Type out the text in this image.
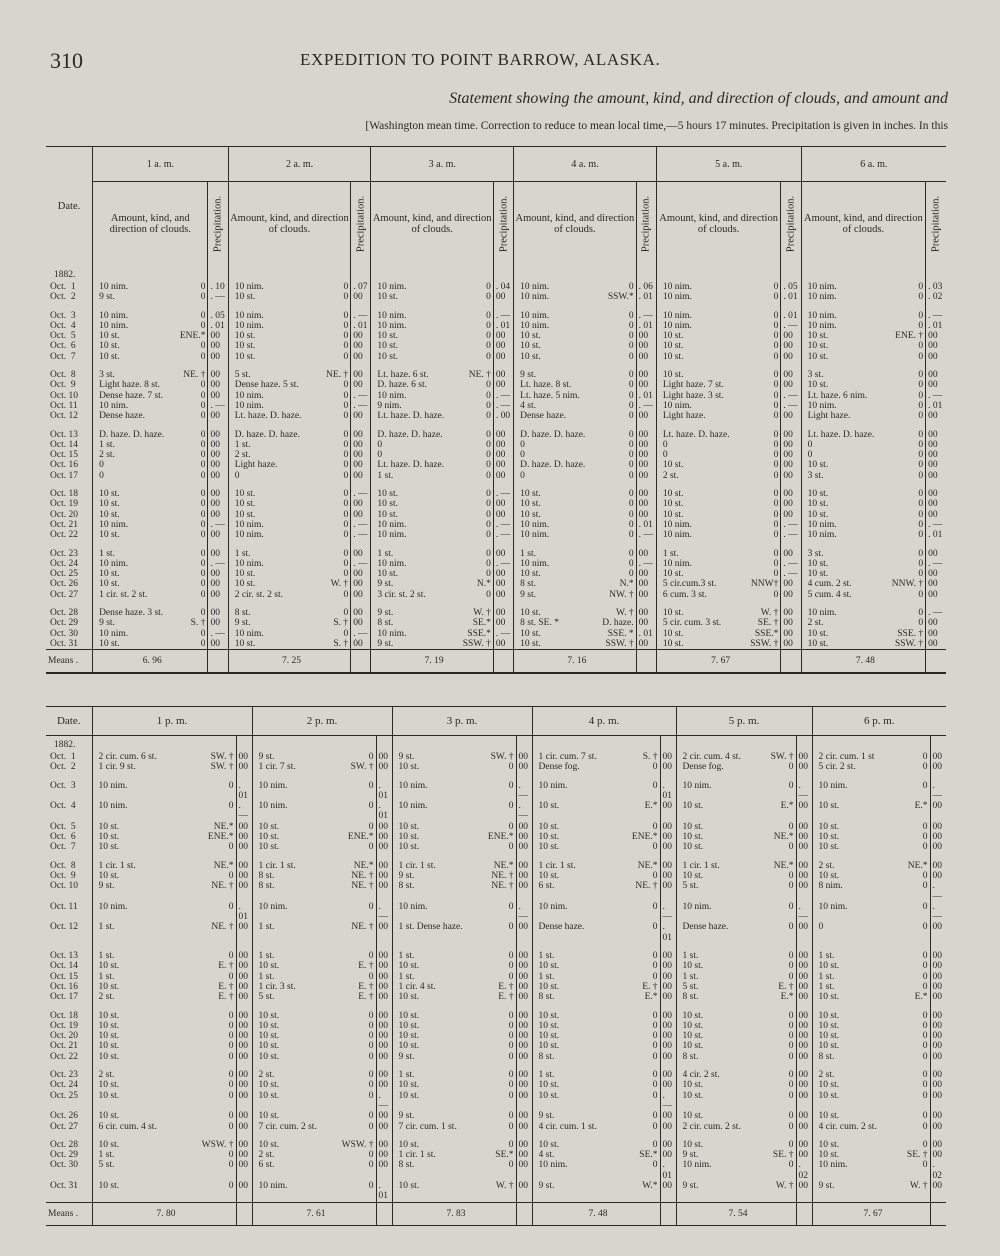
310	EXPEDITION TO POINT BARROW, ALASKA.
Statement showing the amount, kind, and direction of clouds, and amount and
[Washington mean time. Correction to reduce to mean local time,—5 hours 17 minutes. Precipitation is given in inches. In this
Date.	1 a. m.		2 a. m.		3 a. m.		4 a. m.		5 a. m.		6 a. m.	
	Amount, kind, and direction of clouds.	Precipitation.	Amount, kind, and direction of clouds.	Precipitation.	Amount, kind, and direction of clouds.	Precipitation.	Amount, kind, and direction of clouds.	Precipitation.	Amount, kind, and direction of clouds.	Precipitation.	Amount, kind, and direction of clouds.	Precipitation.

1882.												
Oct.  1	10 nim. 0	. 10	10 nim. 0	. 07	10 nim. 0	. 04	10 nim. 0	. 06	10 nim. 0	. 05	10 nim. 0	. 03
Oct.  2	9 st. 0	. —	10 st. 0	00	10 st. 0	00	10 nim. SSW.*	. 01	10 nim. 0	. 01	10 nim. 0	. 02

Oct.  3	10 nim. 0	. 05	10 nim. 0	. —	10 nim. 0	. —	10 nim. 0	. —	10 nim. 0	. 01	10 nim. 0	. —
Oct.  4	10 nim. 0	. 01	10 nim. 0	. 01	10 nim. 0	. 01	10 nim. 0	. 01	10 nim. 0	. —	10 nim. 0	. 01
Oct.  5	10 st. ENE.*	00	10 st. 0	00	10 st. 0	00	10 st. 0	00	10 st. 0	00	10 st. ENE. †	00
Oct.  6	10 st. 0	00	10 st. 0	00	10 st. 0	00	10 st. 0	00	10 st. 0	00	10 st. 0	00
Oct.  7	10 st. 0	00	10 st. 0	00	10 st. 0	00	10 st. 0	00	10 st. 0	00	10 st. 0	00

Oct.  8	3 st. NE. †	00	5 st. NE. †	00	Lt. haze. 6 st. NE. †	00	9 st. 0	00	10 st. 0	00	3 st. 0	00
Oct.  9	Light haze. 8 st. 0	00	Dense haze. 5 st. 0	00	D. haze. 6 st. 0	00	Lt. haze. 8 st. 0	00	Light haze. 7 st. 0	00	10 st. 0	00
Oct. 10	Dense haze. 7 st. 0	00	10 nim. 0	. —	10 nim. 0	. —	Lt. haze. 5 nim. 0	. 01	Light haze. 3 st. 0	. —	Lt. haze. 6 nim. 0	. —
Oct. 11	10 nim. 0	. —	10 nim. 0	. —	9 nim. 0	. —	4 st. 0	. —	10 nim. 0	. —	10 nim. 0	. 01
Oct. 12	Dense haze. 0	00	Lt. haze. D. haze. 0	00	Lt. haze. D. haze. 0	. 00	Dense haze. 0	00	Light haze. 0	00	Light haze. 0	00

Oct. 13	D. haze. D. haze. 0	00	D. haze. D. haze. 0	00	D. haze. D. haze. 0	00	D. haze. D. haze. 0	00	Lt. haze. D. haze. 0	00	Lt. haze. D. haze. 0	00
Oct. 14	1 st. 0	00	1 st. 0	00	0 0	00	0 0	00	0 0	00	0 0	00
Oct. 15	2 st. 0	00	2 st. 0	00	0 0	00	0 0	00	0 0	00	0 0	00
Oct. 16	0 0	00	Light haze. 0	00	Lt. haze. D. haze. 0	00	D. haze. D. haze. 0	00	10 st. 0	00	10 st. 0	00
Oct. 17	0 0	00	0 0	00	1 st. 0	00	0 0	00	2 st. 0	00	3 st. 0	00

Oct. 18	10 st. 0	00	10 st. 0	. —	10 st. 0	. —	10 st. 0	00	10 st. 0	00	10 st. 0	00
Oct. 19	10 st. 0	00	10 st. 0	00	10 st. 0	00	10 st. 0	00	10 st. 0	00	10 st. 0	00
Oct. 20	10 st. 0	00	10 st. 0	00	10 st. 0	00	10 st. 0	00	10 st. 0	00	10 st. 0	00
Oct. 21	10 nim. 0	. —	10 nim. 0	. —	10 nim. 0	. —	10 nim. 0	. 01	10 nim. 0	. —	10 nim. 0	. —
Oct. 22	10 st. 0	00	10 nim. 0	. —	10 nim. 0	. —	10 nim. 0	. —	10 nim. 0	. —	10 nim. 0	. 01

Oct. 23	1 st. 0	00	1 st. 0	00	1 st. 0	00	1 st. 0	00	1 st. 0	00	3 st. 0	00
Oct. 24	10 nim. 0	. —	10 nim. 0	. —	10 nim. 0	. —	10 nim. 0	. —	10 nim. 0	. —	10 st. 0	. —
Oct. 25	10 st. 0	00	10 st. 0	00	10 st. 0	00	10 st. 0	00	10 st. 0	. —	10 st. 0	00
Oct. 26	10 st. 0	00	10 st. W. †	00	9 st. N.*	00	8 st. N.*	00	5 cir.cum.3 st. NNW†	00	4 cum. 2 st. NNW. †	00
Oct. 27	1 cir. st. 2 st. 0	00	2 cir. st. 2 st. 0	00	3 cir. st. 2 st. 0	00	9 st. NW. †	00	6 cum. 3 st. 0	00	5 cum. 4 st. 0	00

Oct. 28	Dense haze. 3 st. 0	00	8 st. 0	00	9 st. W. †	00	10 st. W. †	00	10 st. W. †	00	10 nim. 0	. —
Oct. 29	9 st. S. †	00	9 st. S. †	00	8 st. SE.*	00	8 st. SE. * D. haze.	00	5 cir. cum. 3 st. SE. †	00	2 st. 0	00
Oct. 30	10 nim. 0	. —	10 nim. 0	. —	10 nim. SSE.*	. —	10 st. SSE. *	. 01	10 st. SSE.*	00	10 st. SSE. †	00
Oct. 31	10 st. 0	00	10 st. S. †	00	9 st. SSW. †	00	10 st. SSW. †	00	10 st. SSW. †	00	10 st. SSW. †	00
Means .	6. 96		7. 25		7. 19		7. 16		7. 67		7. 48	
Date.	1 p. m.		2 p. m.		3 p. m.		4 p. m.		5 p. m.		6 p. m.	
1882.												
Oct.  1	2 cir. cum. 6 st. SW. †	00	9 st. 0	00	9 st. SW. †	00	1 cir. cum. 7 st. S. †	00	2 cir. cum. 4 st. SW. †	00	2 cir. cum. 1 st 0	00
Oct.  2	1 cir. 9 st. SW. †	00	1 cir. 7 st. SW. †	00	10 st. 0	00	Dense fog. 0	00	Dense fog. 0	00	5 cir. 2 st. 0	00

Oct.  3	10 nim. 0	. 01	10 nim. 0	. 01	10 nim. 0	. —	10 nim. 0	. 01	10 nim. 0	. —	10 nim. 0	. —
Oct.  4	10 nim. 0	. —	10 nim. 0	. 01	10 nim. 0	. —	10 st. E.*	00	10 st. E.*	00	10 st. E.*	00
Oct.  5	10 st. NE.*	00	10 st. 0	00	10 st. 0	00	10 st. 0	00	10 st. 0	00	10 st. 0	00
Oct.  6	10 st. ENE.*	00	10 st. ENE.*	00	10 st. ENE.*	00	10 st. ENE.*	00	10 st. NE.*	00	10 st. 0	00
Oct.  7	10 st. 0	00	10 st. 0	00	10 st. 0	00	10 st. 0	00	10 st. 0	00	10 st. 0	00

Oct.  8	1 cir. 1 st. NE.*	00	1 cir. 1 st. NE.*	00	1 cir. 1 st. NE.*	00	1 cir. 1 st. NE.*	00	1 cir. 1 st. NE.*	00	2 st. NE.*	00
Oct.  9	10 st. 0	00	8 st. NE. †	00	9 st. NE. †	00	10 st. 0	00	10 st. 0	00	10 st. 0	00
Oct. 10	9 st. NE. †	00	8 st. NE. †	00	8 st. NE. †	00	6 st. NE. †	00	5 st. 0	00	8 nim. 0	. —
Oct. 11	10 nim. 0	. 01	10 nim. 0	. —	10 nim. 0	. —	10 nim. 0	. —	10 nim. 0	. —	10 nim. 0	. —
Oct. 12	1 st. NE. †	00	1 st. NE. †	00	1 st. Dense haze. 0	00	Dense haze. 0	. 01	Dense haze. 0	00	0 0	00

Oct. 13	1 st. 0	00	1 st. 0	00	1 st. 0	00	1 st. 0	00	1 st. 0	00	1 st. 0	00
Oct. 14	10 st. E. †	00	10 st. E. †	00	10 st. 0	00	10 st. 0	00	10 st. 0	00	10 st. 0	00
Oct. 15	1 st. 0	00	1 st. 0	00	1 st. 0	00	1 st. 0	00	1 st. 0	00	1 st. 0	00
Oct. 16	10 st. E. †	00	1 cir. 3 st. E. †	00	1 cir. 4 st. E. †	00	10 st. E. †	00	5 st. E. †	00	1 st. 0	00
Oct. 17	2 st. E. †	00	5 st. E. †	00	10 st. E. †	00	8 st. E.*	00	8 st. E.*	00	10 st. E.*	00

Oct. 18	10 st. 0	00	10 st. 0	00	10 st. 0	00	10 st. 0	00	10 st. 0	00	10 st. 0	00
Oct. 19	10 st. 0	00	10 st. 0	00	10 st. 0	00	10 st. 0	00	10 st. 0	00	10 st. 0	00
Oct. 20	10 st. 0	00	10 st. 0	00	10 st. 0	00	10 st. 0	00	10 st. 0	00	10 st. 0	00
Oct. 21	10 st. 0	00	10 st. 0	00	10 st. 0	00	10 st. 0	00	10 st. 0	00	10 st. 0	00
Oct. 22	10 st. 0	00	10 st. 0	00	9 st. 0	00	8 st. 0	00	8 st. 0	00	8 st. 0	00

Oct. 23	2 st. 0	00	2 st. 0	00	1 st. 0	00	1 st. 0	00	4 cir. 2 st. 0	00	2 st. 0	00
Oct. 24	10 st. 0	00	10 st. 0	00	10 st. 0	00	10 st. 0	00	10 st. 0	00	10 st. 0	00
Oct. 25	10 st. 0	00	10 st. 0	. —	10 st. 0	00	10 st. 0	. —	10 st. 0	00	10 st. 0	00
Oct. 26	10 st. 0	00	10 st. 0	00	9 st. 0	00	9 st. 0	00	10 st. 0	00	10 st. 0	00
Oct. 27	6 cir. cum. 4 st. 0	00	7 cir. cum. 2 st. 0	00	7 cir. cum. 1 st. 0	00	4 cir. cum. 1 st. 0	00	2 cir. cum. 2 st. 0	00	4 cir. cum. 2 st. 0	00

Oct. 28	10 st. WSW. †	00	10 st. WSW. †	00	10 st. 0	00	10 st. 0	00	10 st. 0	00	10 st. 0	00
Oct. 29	1 st. 0	00	2 st. 0	00	1 cir. 1 st. SE.*	00	4 st. SE.*	00	9 st. SE. †	00	10 st. SE. †	00
Oct. 30	5 st. 0	00	6 st. 0	00	8 st. 0	00	10 nim. 0	. 01	10 nim. 0	. 02	10 nim. 0	. 02
Oct. 31	10 st. 0	00	10 nim. 0	. 01	10 st. W. †	00	9 st. W.*	00	9 st. W. †	00	9 st. W. †	00
Means .	7. 80		7. 61		7. 83		7. 48		7. 54		7. 67	
